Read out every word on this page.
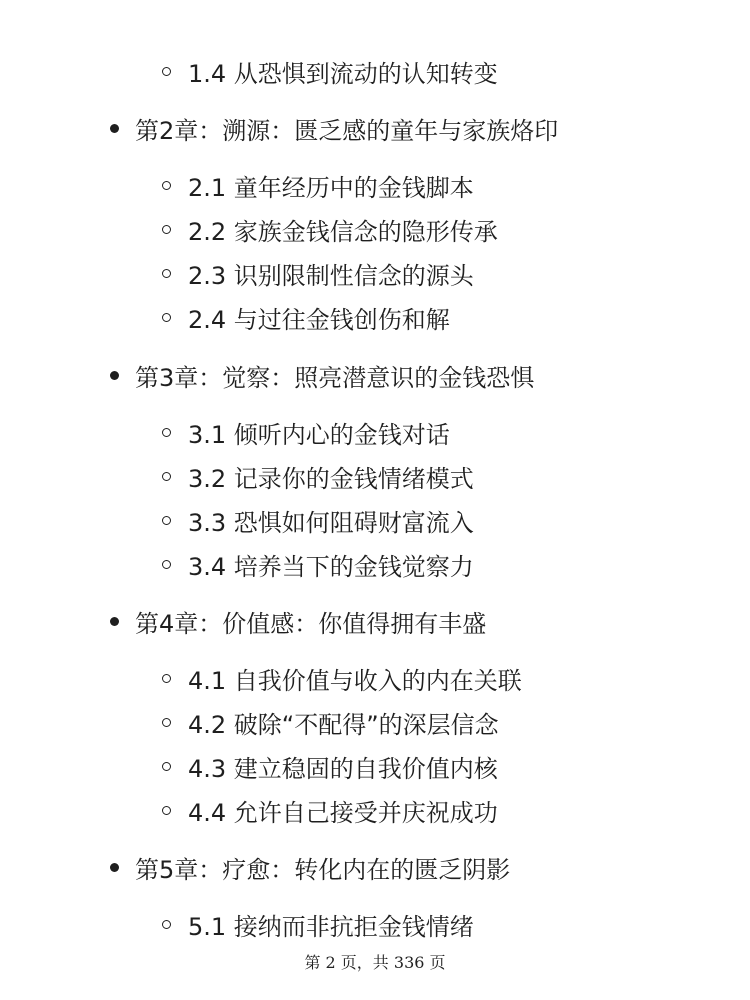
1.4 从恐惧到流动的认知转变
第2章：溯源：匮乏感的童年与家族烙印
2.1 童年经历中的金钱脚本
2.2 家族金钱信念的隐形传承
2.3 识别限制性信念的源头
2.4 与过往金钱创伤和解
第3章：觉察：照亮潜意识的金钱恐惧
3.1 倾听内心的金钱对话
3.2 记录你的金钱情绪模式
3.3 恐惧如何阻碍财富流入
3.4 培养当下的金钱觉察力
第4章：价值感：你值得拥有丰盛
4.1 自我价值与收入的内在关联
4.2 破除“不配得”的深层信念
4.3 建立稳固的自我价值内核
4.4 允许自己接受并庆祝成功
第5章：疗愈：转化内在的匮乏阴影
5.1 接纳而非抗拒金钱情绪
第 2 页，共 336 页
